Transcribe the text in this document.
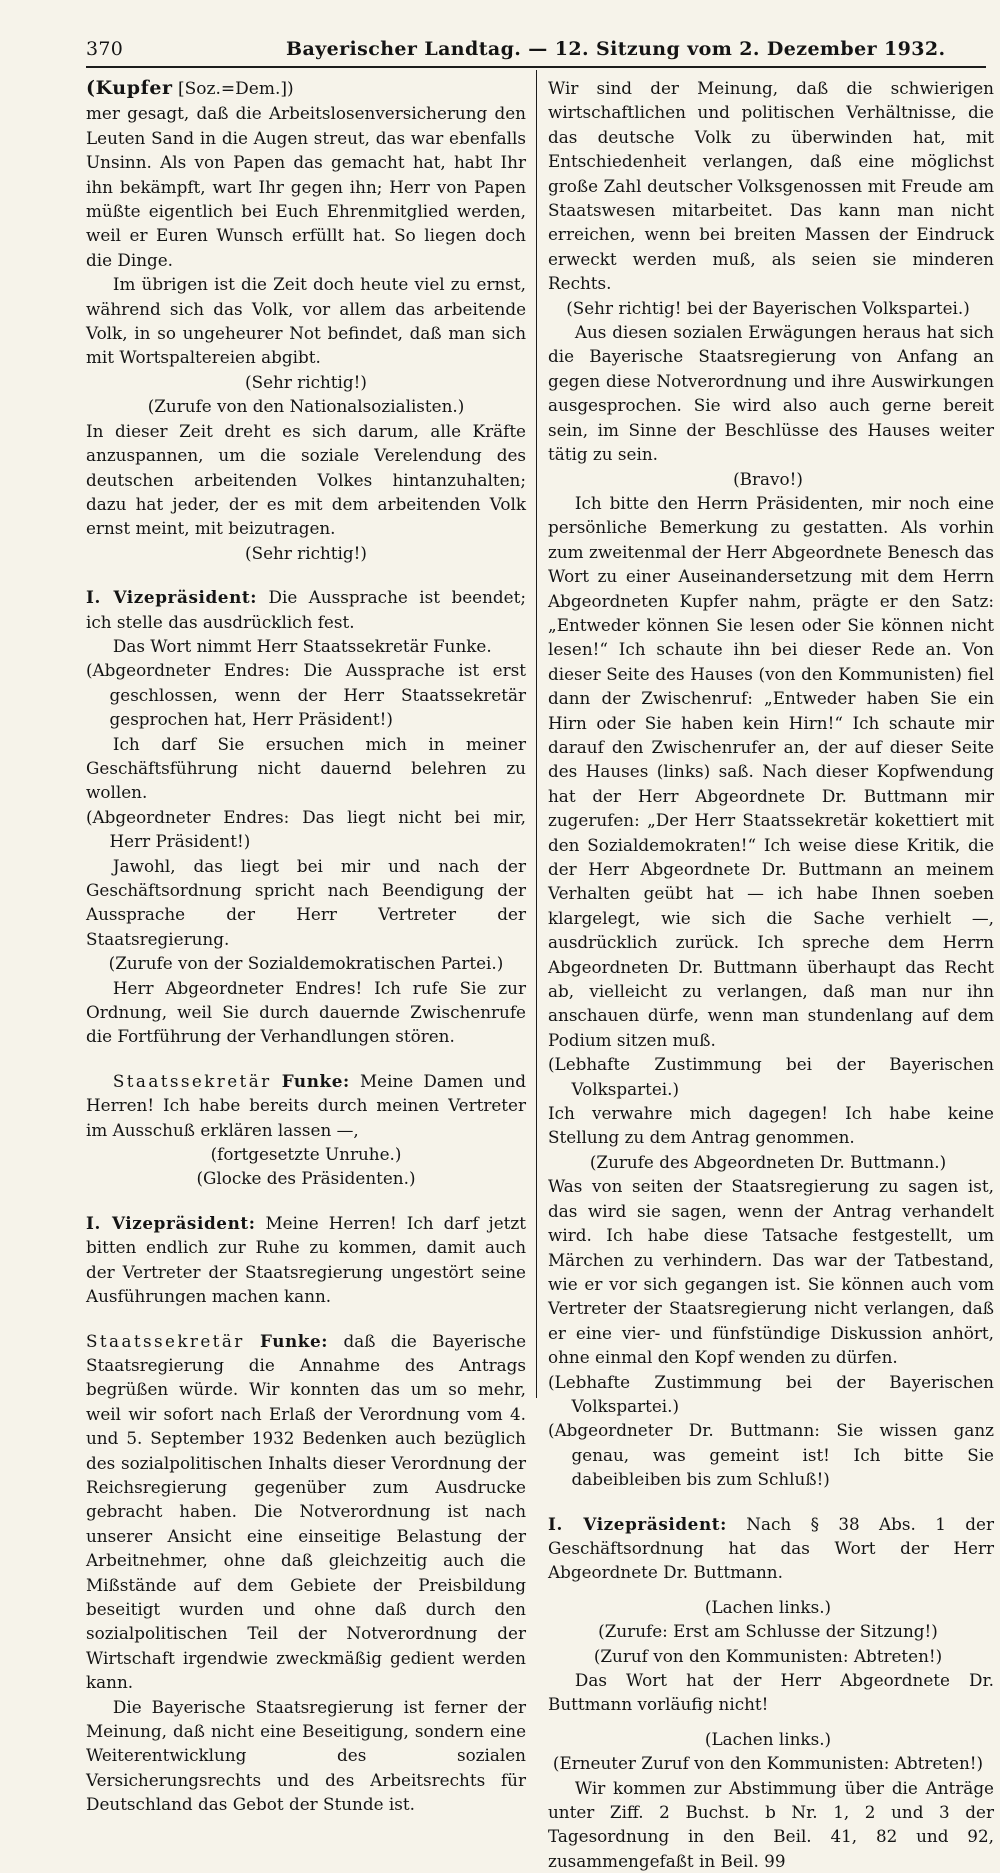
370	Bayerischer Landtag. — 12. Sitzung vom 2. Dezember 1932.

(Kupfer [Soz.=Dem.])

mer gesagt, daß die Arbeitslosenversicherung den Leuten Sand in die Augen streut, das war ebenfalls Unsinn. Als von Papen das gemacht hat, habt Ihr ihn bekämpft, wart Ihr gegen ihn; Herr von Papen müßte eigentlich bei Euch Ehrenmitglied werden, weil er Euren Wunsch erfüllt hat. So liegen doch die Dinge.

Im übrigen ist die Zeit doch heute viel zu ernst, während sich das Volk, vor allem das arbeitende Volk, in so ungeheurer Not befindet, daß man sich mit Wortspaltereien abgibt.

(Sehr richtig!)

(Zurufe von den Nationalsozialisten.)

In dieser Zeit dreht es sich darum, alle Kräfte anzuspannen, um die soziale Verelendung des deutschen arbeitenden Volkes hintanzuhalten; dazu hat jeder, der es mit dem arbeitenden Volk ernst meint, mit beizutragen.

(Sehr richtig!)

I. Vizepräsident: Die Aussprache ist beendet; ich stelle das ausdrücklich fest.

Das Wort nimmt Herr Staatssekretär Funke.

(Abgeordneter Endres: Die Aussprache ist erst geschlossen, wenn der Herr Staatssekretär gesprochen hat, Herr Präsident!)

Ich darf Sie ersuchen mich in meiner Geschäftsführung nicht dauernd belehren zu wollen.

(Abgeordneter Endres: Das liegt nicht bei mir, Herr Präsident!)

Jawohl, das liegt bei mir und nach der Geschäftsordnung spricht nach Beendigung der Aussprache der Herr Vertreter der Staatsregierung.

(Zurufe von der Sozialdemokratischen Partei.)

Herr Abgeordneter Endres! Ich rufe Sie zur Ordnung, weil Sie durch dauernde Zwischenrufe die Fortführung der Verhandlungen stören.

Staatssekretär Funke: Meine Damen und Herren! Ich habe bereits durch meinen Vertreter im Ausschuß erklären lassen —,

(fortgesetzte Unruhe.)

(Glocke des Präsidenten.)

I. Vizepräsident: Meine Herren! Ich darf jetzt bitten endlich zur Ruhe zu kommen, damit auch der Vertreter der Staatsregierung ungestört seine Ausführungen machen kann.

Staatssekretär Funke: daß die Bayerische Staatsregierung die Annahme des Antrags begrüßen würde. Wir konnten das um so mehr, weil wir sofort nach Erlaß der Verordnung vom 4. und 5. September 1932 Bedenken auch bezüglich des sozialpolitischen Inhalts dieser Verordnung der Reichsregierung gegenüber zum Ausdrucke gebracht haben. Die Notverordnung ist nach unserer Ansicht eine einseitige Belastung der Arbeitnehmer, ohne daß gleichzeitig auch die Mißstände auf dem Gebiete der Preisbildung beseitigt wurden und ohne daß durch den sozialpolitischen Teil der Notverordnung der Wirtschaft irgendwie zweckmäßig gedient werden kann.

Die Bayerische Staatsregierung ist ferner der Meinung, daß nicht eine Beseitigung, sondern eine Weiterentwicklung des sozialen Versicherungsrechts und des Arbeitsrechts für Deutschland das Gebot der Stunde ist.

Wir sind der Meinung, daß die schwierigen wirtschaftlichen und politischen Verhältnisse, die das deutsche Volk zu überwinden hat, mit Entschiedenheit verlangen, daß eine möglichst große Zahl deutscher Volksgenossen mit Freude am Staatswesen mitarbeitet. Das kann man nicht erreichen, wenn bei breiten Massen der Eindruck erweckt werden muß, als seien sie minderen Rechts.

(Sehr richtig! bei der Bayerischen Volkspartei.)

Aus diesen sozialen Erwägungen heraus hat sich die Bayerische Staatsregierung von Anfang an gegen diese Notverordnung und ihre Auswirkungen ausgesprochen. Sie wird also auch gerne bereit sein, im Sinne der Beschlüsse des Hauses weiter tätig zu sein.

(Bravo!)

Ich bitte den Herrn Präsidenten, mir noch eine persönliche Bemerkung zu gestatten. Als vorhin zum zweitenmal der Herr Abgeordnete Benesch das Wort zu einer Auseinandersetzung mit dem Herrn Abgeordneten Kupfer nahm, prägte er den Satz: „Entweder können Sie lesen oder Sie können nicht lesen!“ Ich schaute ihn bei dieser Rede an. Von dieser Seite des Hauses (von den Kommunisten) fiel dann der Zwischenruf: „Entweder haben Sie ein Hirn oder Sie haben kein Hirn!“ Ich schaute mir darauf den Zwischenrufer an, der auf dieser Seite des Hauses (links) saß. Nach dieser Kopfwendung hat der Herr Abgeordnete Dr. Buttmann mir zugerufen: „Der Herr Staatssekretär kokettiert mit den Sozialdemokraten!“ Ich weise diese Kritik, die der Herr Abgeordnete Dr. Buttmann an meinem Verhalten geübt hat — ich habe Ihnen soeben klargelegt, wie sich die Sache verhielt —, ausdrücklich zurück. Ich spreche dem Herrn Abgeordneten Dr. Buttmann überhaupt das Recht ab, vielleicht zu verlangen, daß man nur ihn anschauen dürfe, wenn man stundenlang auf dem Podium sitzen muß.

(Lebhafte Zustimmung bei der Bayerischen Volkspartei.)

Ich verwahre mich dagegen! Ich habe keine Stellung zu dem Antrag genommen.

(Zurufe des Abgeordneten Dr. Buttmann.)

Was von seiten der Staatsregierung zu sagen ist, das wird sie sagen, wenn der Antrag verhandelt wird. Ich habe diese Tatsache festgestellt, um Märchen zu verhindern. Das war der Tatbestand, wie er vor sich gegangen ist. Sie können auch vom Vertreter der Staatsregierung nicht verlangen, daß er eine vier- und fünfstündige Diskussion anhört, ohne einmal den Kopf wenden zu dürfen.

(Lebhafte Zustimmung bei der Bayerischen Volkspartei.)

(Abgeordneter Dr. Buttmann: Sie wissen ganz genau, was gemeint ist! Ich bitte Sie dabeibleiben bis zum Schluß!)

I. Vizepräsident: Nach § 38 Abs. 1 der Geschäftsordnung hat das Wort der Herr Abgeordnete Dr. Buttmann.

(Lachen links.)

(Zurufe: Erst am Schlusse der Sitzung!)

(Zuruf von den Kommunisten: Abtreten!)

Das Wort hat der Herr Abgeordnete Dr. Buttmann vorläufig nicht!

(Lachen links.)

(Erneuter Zuruf von den Kommunisten: Abtreten!)

Wir kommen zur Abstimmung über die Anträge unter Ziff. 2 Buchst. b Nr. 1, 2 und 3 der Tagesordnung in den Beil. 41, 82 und 92, zusammengefaßt in Beil. 99
